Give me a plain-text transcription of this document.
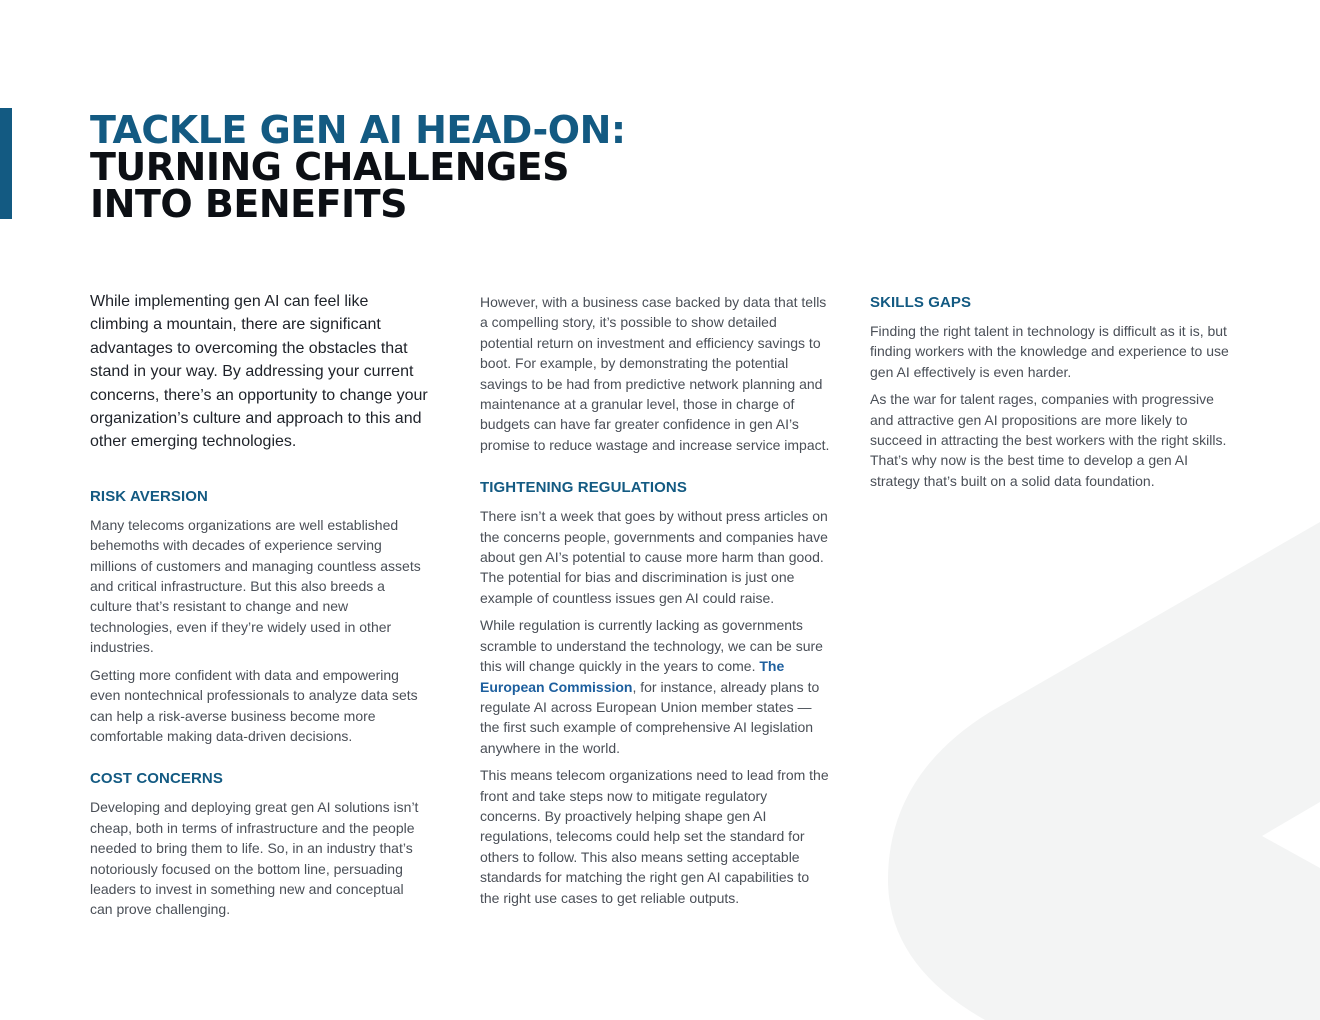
TACKLE GEN AI HEAD-ON:
TURNING CHALLENGES
INTO BENEFITS

While implementing gen AI can feel like climbing a mountain, there are significant advantages to overcoming the obstacles that stand in your way. By addressing your current concerns, there’s an opportunity to change your organization’s culture and approach to this and other emerging technologies.

RISK AVERSION

Many telecoms organizations are well established behemoths with decades of experience serving millions of customers and managing countless assets and critical infrastructure. But this also breeds a culture that’s resistant to change and new technologies, even if they’re widely used in other industries.

Getting more confident with data and empowering even nontechnical professionals to analyze data sets can help a risk-averse business become more comfortable making data-driven decisions.

COST CONCERNS

Developing and deploying great gen AI solutions isn’t cheap, both in terms of infrastructure and the people needed to bring them to life. So, in an industry that’s notoriously focused on the bottom line, persuading leaders to invest in something new and conceptual can prove challenging.

However, with a business case backed by data that tells a compelling story, it’s possible to show detailed potential return on investment and efficiency savings to boot. For example, by demonstrating the potential savings to be had from predictive network planning and maintenance at a granular level, those in charge of budgets can have far greater confidence in gen AI’s promise to reduce wastage and increase service impact.

TIGHTENING REGULATIONS

There isn’t a week that goes by without press articles on the concerns people, governments and companies have about gen AI’s potential to cause more harm than good. The potential for bias and discrimination is just one example of countless issues gen AI could raise.

While regulation is currently lacking as governments scramble to understand the technology, we can be sure this will change quickly in the years to come. The European Commission, for instance, already plans to regulate AI across European Union member states — the first such example of comprehensive AI legislation anywhere in the world.

This means telecom organizations need to lead from the front and take steps now to mitigate regulatory concerns. By proactively helping shape gen AI regulations, telecoms could help set the standard for others to follow. This also means setting acceptable standards for matching the right gen AI capabilities to the right use cases to get reliable outputs.

SKILLS GAPS

Finding the right talent in technology is difficult as it is, but finding workers with the knowledge and experience to use gen AI effectively is even harder.

As the war for talent rages, companies with progressive and attractive gen AI propositions are more likely to succeed in attracting the best workers with the right skills. That’s why now is the best time to develop a gen AI strategy that’s built on a solid data foundation.
